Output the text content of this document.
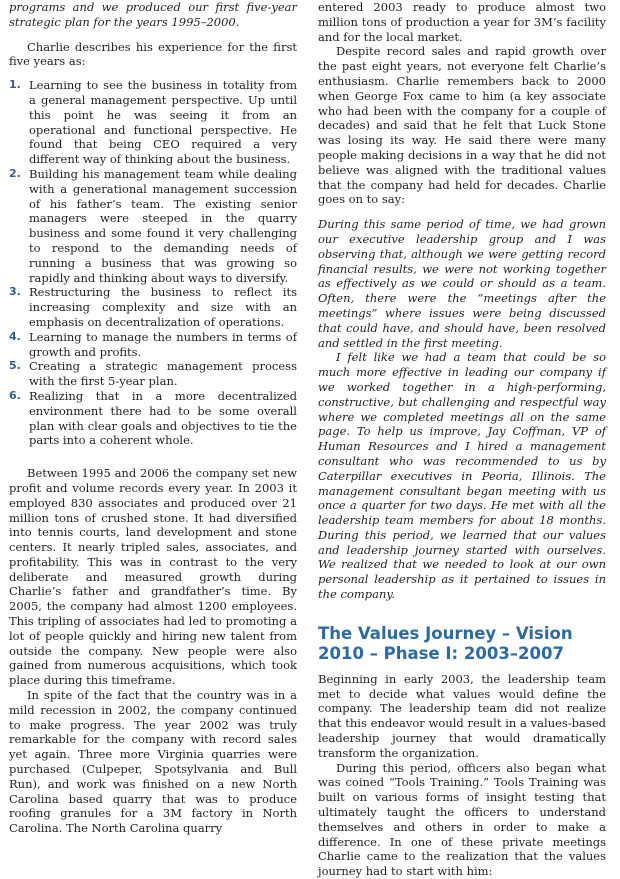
programs and we produced our first five-year strategic plan for the years 1995–2000.

Charlie describes his experience for the first five years as:

1. Learning to see the business in totality from a general management perspective. Up until this point he was seeing it from an operational and functional perspective. He found that being CEO required a very different way of thinking about the business.
2. Building his management team while dealing with a generational management succession of his father’s team. The existing senior managers were steeped in the quarry business and some found it very challenging to respond to the demanding needs of running a business that was growing so rapidly and thinking about ways to diversify.
3. Restructuring the business to reflect its increasing complexity and size with an emphasis on decentralization of operations.
4. Learning to manage the numbers in terms of growth and profits.
5. Creating a strategic management process with the first 5-year plan.
6. Realizing that in a more decentralized environment there had to be some overall plan with clear goals and objectives to tie the parts into a coherent whole.

Between 1995 and 2006 the company set new profit and volume records every year. In 2003 it employed 830 associates and produced over 21 million tons of crushed stone. It had diversified into tennis courts, land development and stone centers. It nearly tripled sales, associates, and profitability. This was in contrast to the very deliberate and measured growth during Charlie’s father and grandfather’s time. By 2005, the company had almost 1200 employees. This tripling of associates had led to promoting a lot of people quickly and hiring new talent from outside the company. New people were also gained from numerous acquisitions, which took place during this timeframe.

In spite of the fact that the country was in a mild recession in 2002, the company continued to make progress. The year 2002 was truly remarkable for the company with record sales yet again. Three more Virginia quarries were purchased (Culpeper, Spotsylvania and Bull Run), and work was finished on a new North Carolina based quarry that was to produce roofing granules for a 3M factory in North Carolina. The North Carolina quarry

entered 2003 ready to produce almost two million tons of production a year for 3M’s facility and for the local market.

Despite record sales and rapid growth over the past eight years, not everyone felt Charlie’s enthusiasm. Charlie remembers back to 2000 when George Fox came to him (a key associate who had been with the company for a couple of decades) and said that he felt that Luck Stone was losing its way. He said there were many people making decisions in a way that he did not believe was aligned with the traditional values that the company had held for decades. Charlie goes on to say:

During this same period of time, we had grown our executive leadership group and I was observing that, although we were getting record financial results, we were not working together as effectively as we could or should as a team. Often, there were the “meetings after the meetings” where issues were being discussed that could have, and should have, been resolved and settled in the first meeting.

I felt like we had a team that could be so much more effective in leading our company if we worked together in a high-performing, constructive, but challenging and respectful way where we completed meetings all on the same page. To help us improve, Jay Coffman, VP of Human Resources and I hired a management consultant who was recommended to us by Caterpillar executives in Peoria, Illinois. The management consultant began meeting with us once a quarter for two days. He met with all the leadership team members for about 18 months. During this period, we learned that our values and leadership journey started with ourselves. We realized that we needed to look at our own personal leadership as it pertained to issues in the company.

The Values Journey – Vision 2010 – Phase I: 2003–2007

Beginning in early 2003, the leadership team met to decide what values would define the company. The leadership team did not realize that this endeavor would result in a values-based leadership journey that would dramatically transform the organization.

During this period, officers also began what was coined “Tools Training.” Tools Training was built on various forms of insight testing that ultimately taught the officers to understand themselves and others in order to make a difference. In one of these private meetings Charlie came to the realization that the values journey had to start with him:
